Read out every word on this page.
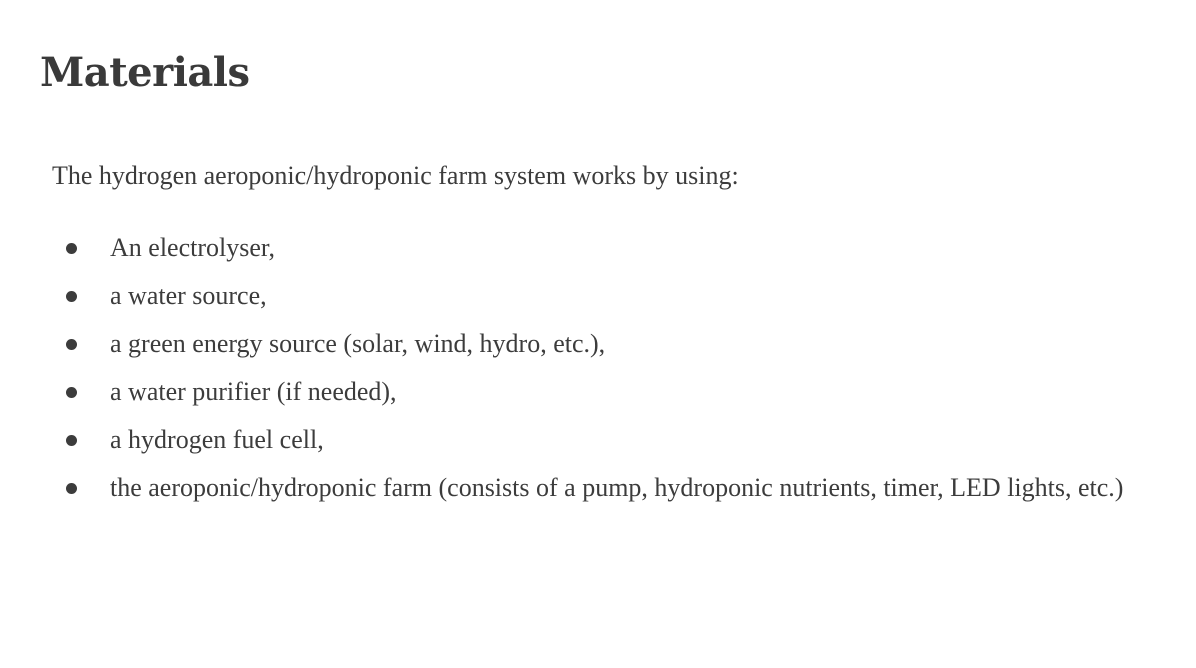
Materials

The hydrogen aeroponic/hydroponic farm system works by using:

An electrolyser,
a water source,
a green energy source (solar, wind, hydro, etc.),
a water purifier (if needed),
a hydrogen fuel cell,
the aeroponic/hydroponic farm (consists of a pump, hydroponic nutrients, timer, LED lights, etc.)
